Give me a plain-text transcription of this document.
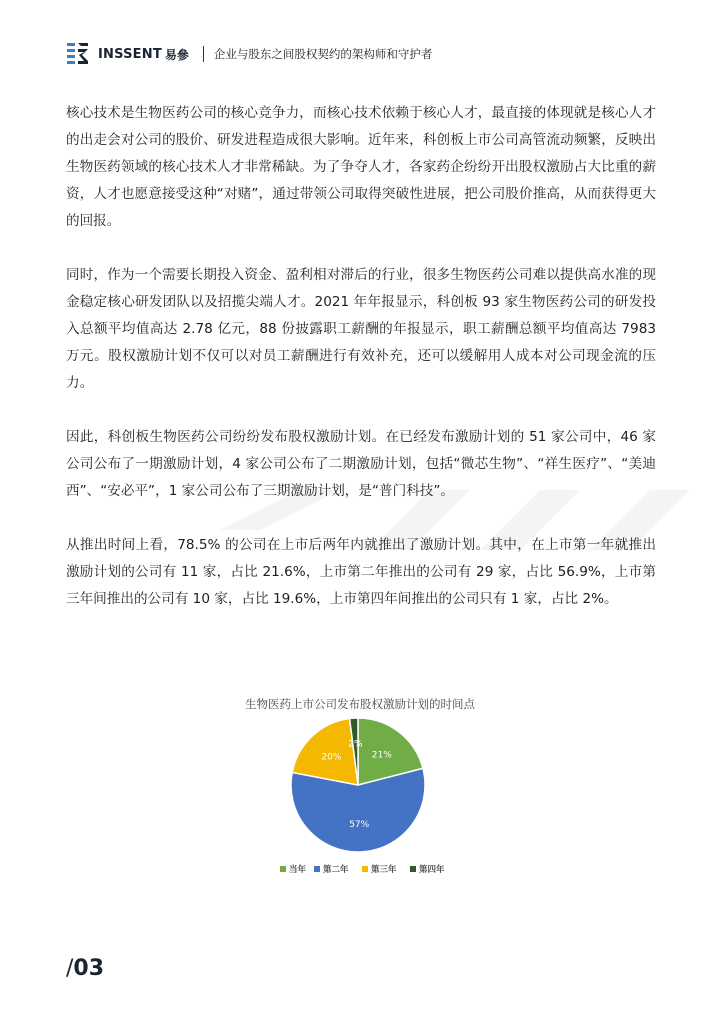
INSSENT 易參 企业与股东之间股权契约的架构师和守护者

核心技术是生物医药公司的核心竞争力，而核心技术依赖于核心人才，最直接的体现就是核心人才的出走会对公司的股价、研发进程造成很大影响。近年来，科创板上市公司高管流动频繁，反映出生物医药领域的核心技术人才非常稀缺。为了争夺人才，各家药企纷纷开出股权激励占大比重的薪资，人才也愿意接受这种“对赌”，通过带领公司取得突破性进展，把公司股价推高，从而获得更大的回报。

同时，作为一个需要长期投入资金、盈利相对滞后的行业，很多生物医药公司难以提供高水准的现金稳定核心研发团队以及招揽尖端人才。2021 年年报显示，科创板 93 家生物医药公司的研发投入总额平均值高达 2.78 亿元，88 份披露职工薪酬的年报显示，职工薪酬总额平均值高达 7983 万元。股权激励计划不仅可以对员工薪酬进行有效补充，还可以缓解用人成本对公司现金流的压力。

因此，科创板生物医药公司纷纷发布股权激励计划。在已经发布激励计划的 51 家公司中，46 家公司公布了一期激励计划，4 家公司公布了二期激励计划，包括“微芯生物”、“祥生医疗”、“美迪西”、“安必平”，1 家公司公布了三期激励计划，是“普门科技”。

从推出时间上看，78.5% 的公司在上市后两年内就推出了激励计划。其中，在上市第一年就推出激励计划的公司有 11 家，占比 21.6%，上市第二年推出的公司有 29 家，占比 56.9%，上市第三年间推出的公司有 10 家，占比 19.6%，上市第四年间推出的公司只有 1 家，占比 2%。

生物医药上市公司发布股权激励计划的时间点
21%
57%
20%
2%
当年 第二年	第三年	第四年
/03
